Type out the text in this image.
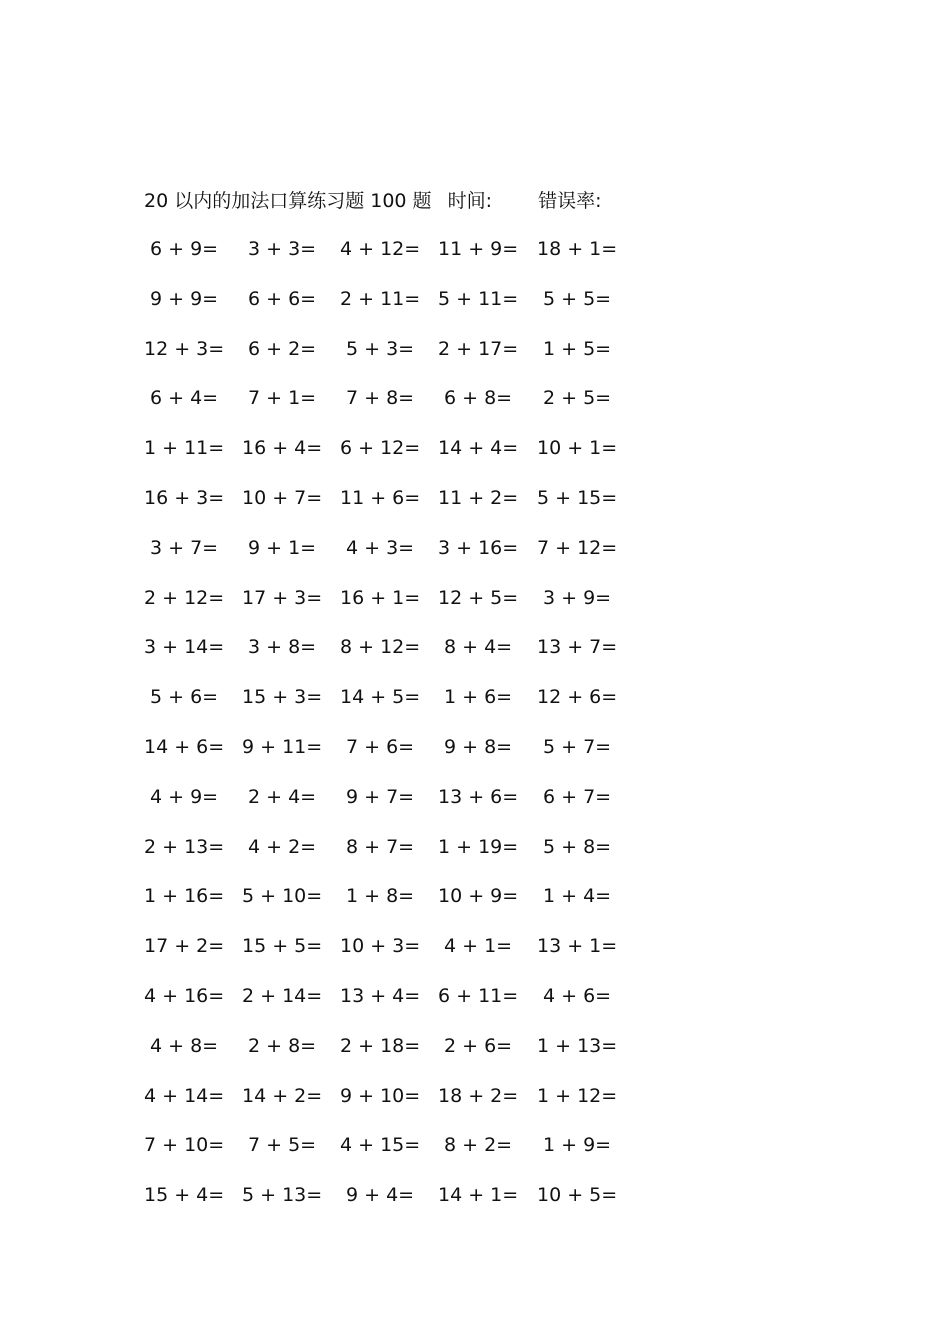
20 以内的加法口算练习题 100 题 时间: 错误率:
6 + 9= 3 + 3= 4 + 12= 11 + 9= 18 + 1=
9 + 9= 6 + 6= 2 + 11= 5 + 11= 5 + 5=
12 + 3= 6 + 2= 5 + 3= 2 + 17= 1 + 5=
6 + 4= 7 + 1= 7 + 8= 6 + 8= 2 + 5=
1 + 11= 16 + 4= 6 + 12= 14 + 4= 10 + 1=
16 + 3= 10 + 7= 11 + 6= 11 + 2= 5 + 15=
3 + 7= 9 + 1= 4 + 3= 3 + 16= 7 + 12=
2 + 12= 17 + 3= 16 + 1= 12 + 5= 3 + 9=
3 + 14= 3 + 8= 8 + 12= 8 + 4= 13 + 7=
5 + 6= 15 + 3= 14 + 5= 1 + 6= 12 + 6=
14 + 6= 9 + 11= 7 + 6= 9 + 8= 5 + 7=
4 + 9= 2 + 4= 9 + 7= 13 + 6= 6 + 7=
2 + 13= 4 + 2= 8 + 7= 1 + 19= 5 + 8=
1 + 16= 5 + 10= 1 + 8= 10 + 9= 1 + 4=
17 + 2= 15 + 5= 10 + 3= 4 + 1= 13 + 1=
4 + 16= 2 + 14= 13 + 4= 6 + 11= 4 + 6=
4 + 8= 2 + 8= 2 + 18= 2 + 6= 1 + 13=
4 + 14= 14 + 2= 9 + 10= 18 + 2= 1 + 12=
7 + 10= 7 + 5= 4 + 15= 8 + 2= 1 + 9=
15 + 4= 5 + 13= 9 + 4= 14 + 1= 10 + 5=
